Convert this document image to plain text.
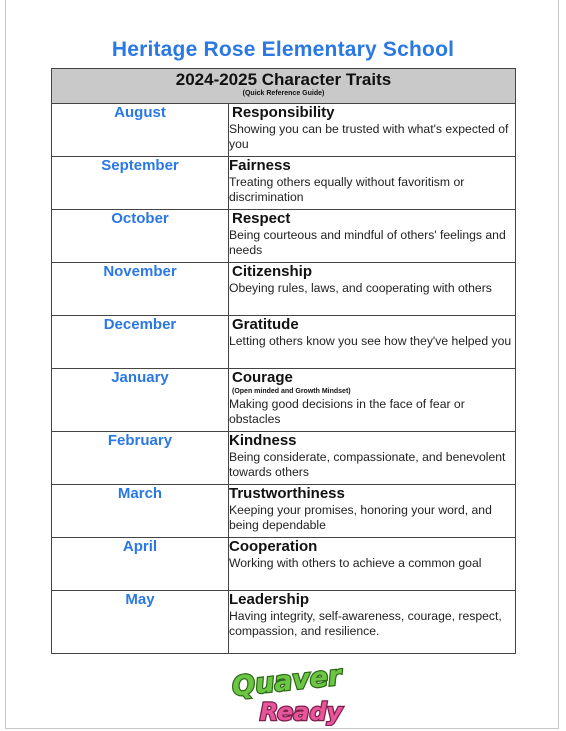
Heritage Rose Elementary School
2024-2025 Character Traits
(Quick Reference Guide)	

August	Responsibility
Showing you can be trusted with what's expected of you

September	Fairness
Treating others equally without favoritism or discrimination

October	Respect
Being courteous and mindful of others' feelings and needs

November	Citizenship
Obeying rules, laws, and cooperating with others

December	Gratitude
Letting others know you see how they've helped you

January	Courage
(Open minded and Growth Mindset)
Making good decisions in the face of fear or obstacles

February	Kindness
Being considerate, compassionate, and benevolent towards others

March	Trustworthiness
Keeping your promises, honoring your word, and being dependable

April	Cooperation
Working with others to achieve a common goal

May	Leadership
Having integrity, self-awareness, courage, respect, compassion, and resilience.
Quaver
Ready
